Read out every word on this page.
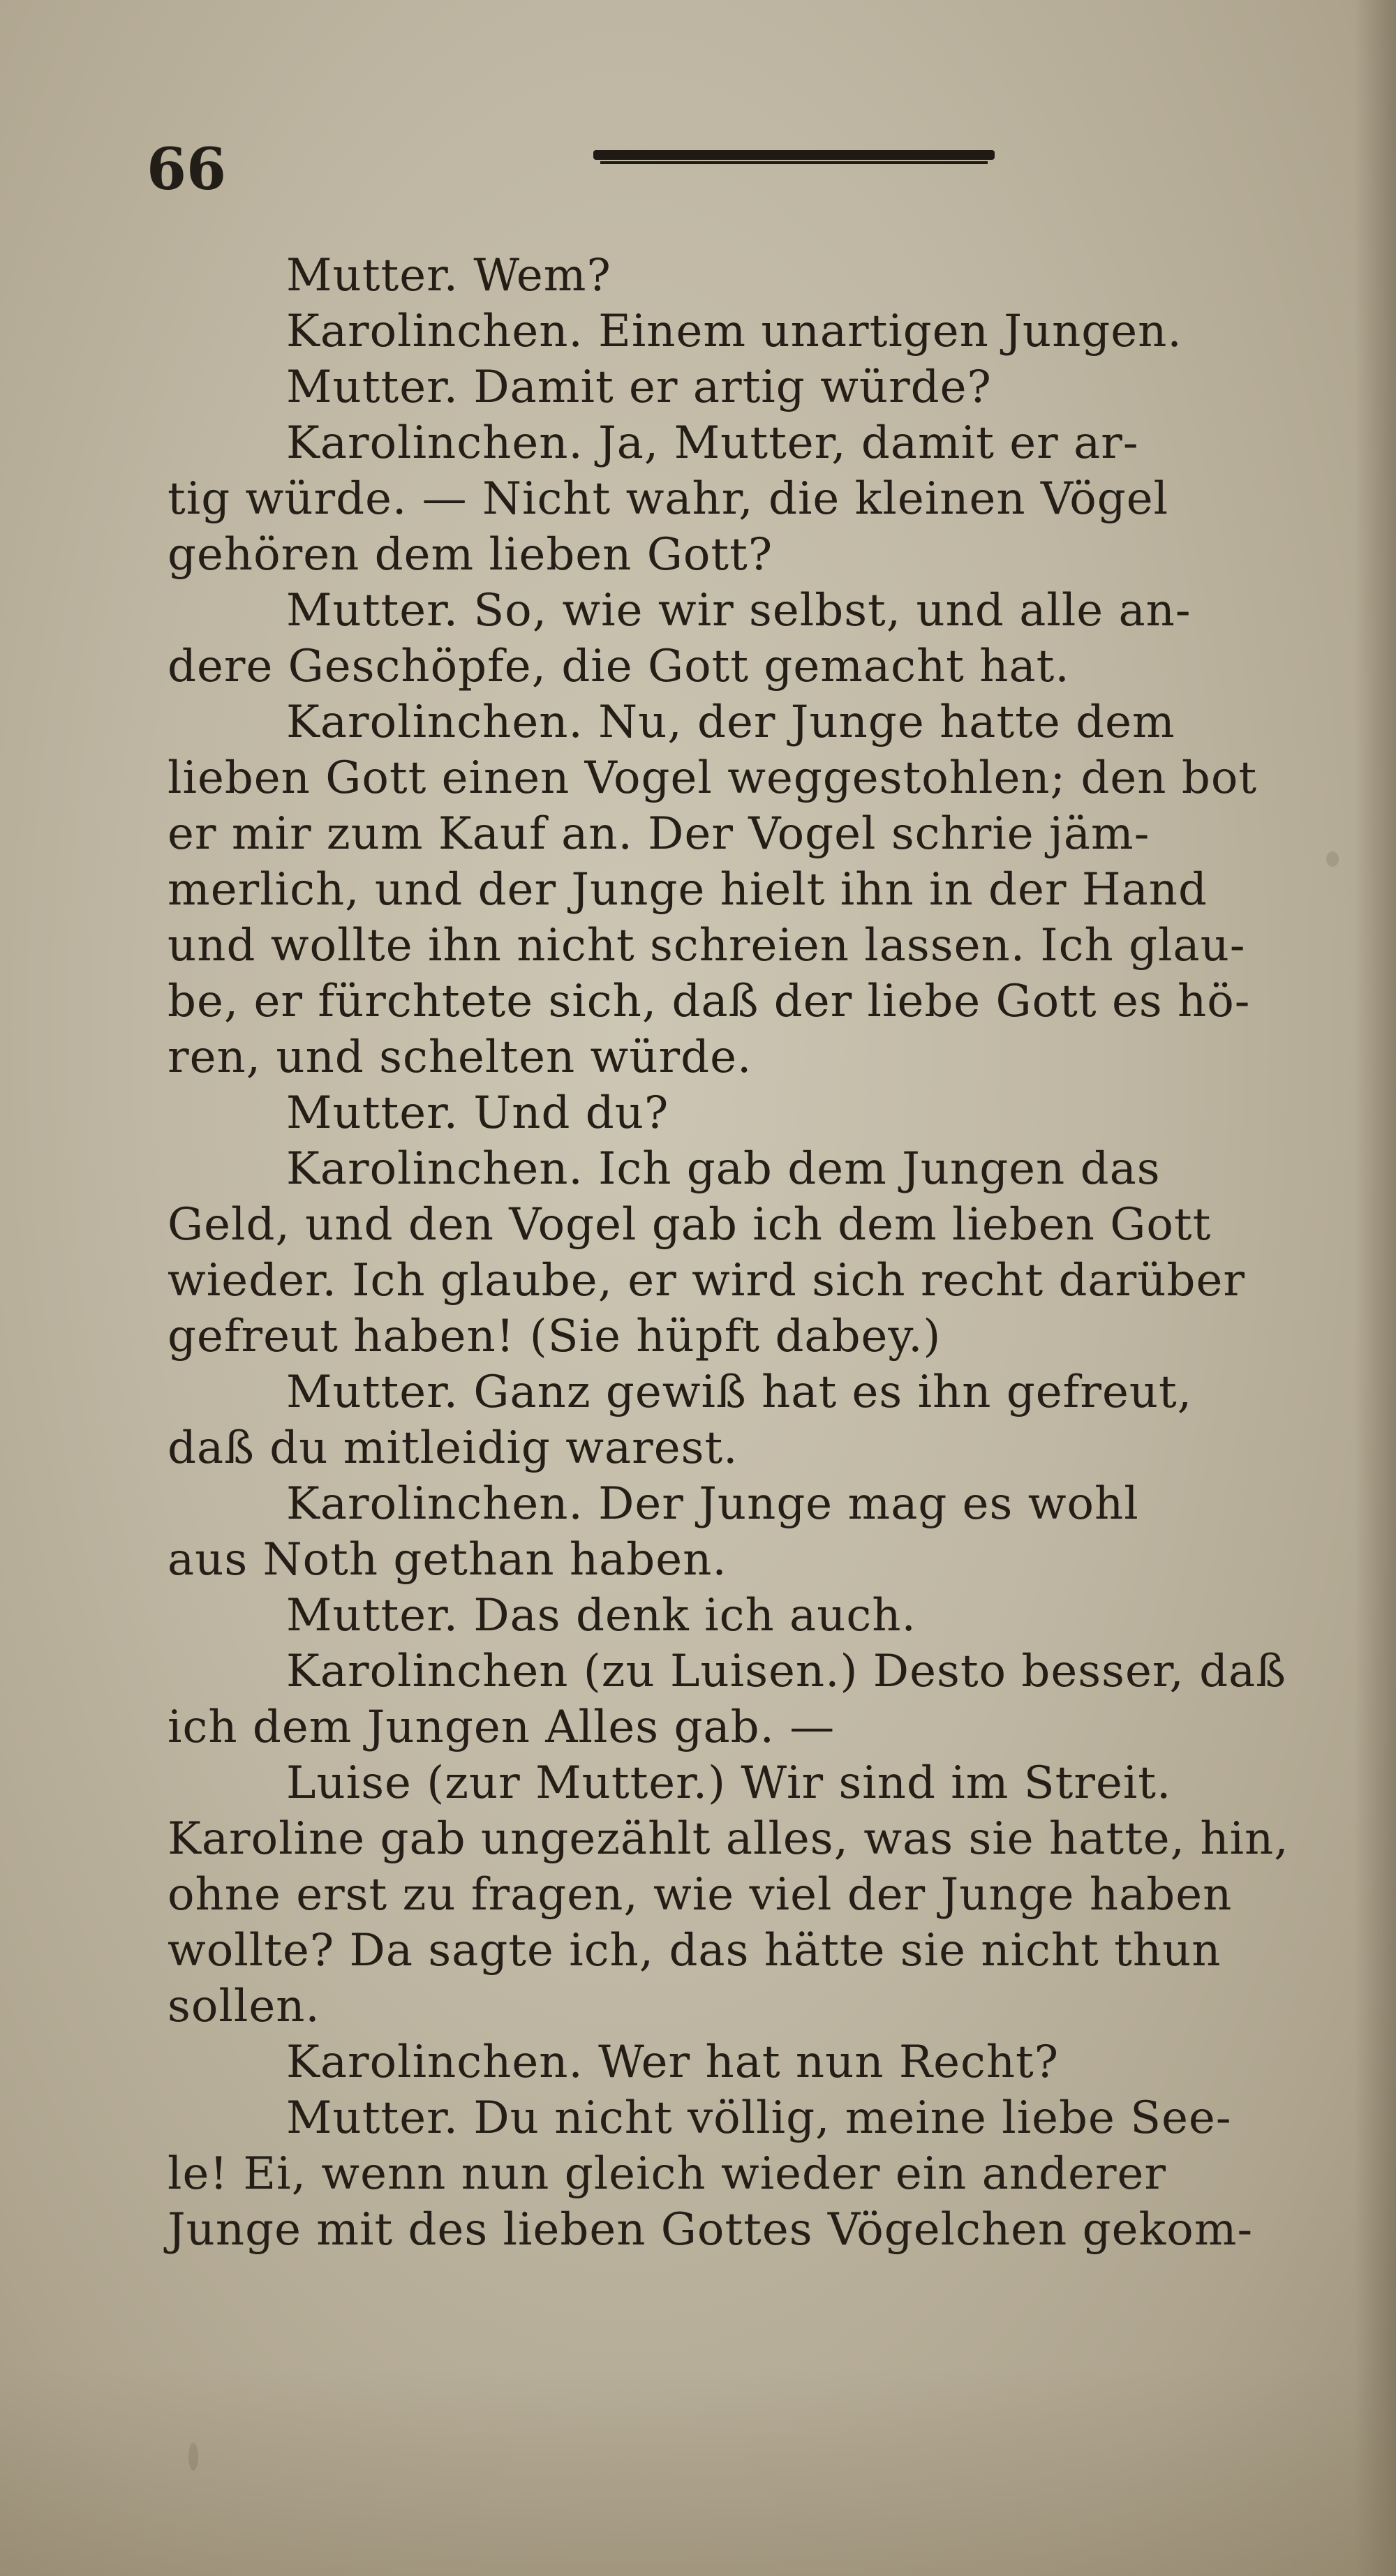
66
Mutter. Wem?
Karolinchen. Einem unartigen Jungen.
Mutter. Damit er artig würde?
Karolinchen. Ja, Mutter, damit er ar-
tig würde. — Nicht wahr, die kleinen Vögel
gehören dem lieben Gott?
Mutter. So, wie wir selbst, und alle an-
dere Geschöpfe, die Gott gemacht hat.
Karolinchen. Nu, der Junge hatte dem
lieben Gott einen Vogel weggestohlen; den bot
er mir zum Kauf an. Der Vogel schrie jäm-
merlich, und der Junge hielt ihn in der Hand
und wollte ihn nicht schreien lassen. Ich glau-
be, er fürchtete sich, daß der liebe Gott es hö-
ren, und schelten würde.
Mutter. Und du?
Karolinchen. Ich gab dem Jungen das
Geld, und den Vogel gab ich dem lieben Gott
wieder. Ich glaube, er wird sich recht darüber
gefreut haben! (Sie hüpft dabey.)
Mutter. Ganz gewiß hat es ihn gefreut,
daß du mitleidig warest.
Karolinchen. Der Junge mag es wohl
aus Noth gethan haben.
Mutter. Das denk ich auch.
Karolinchen (zu Luisen.) Desto besser, daß
ich dem Jungen Alles gab. —
Luise (zur Mutter.) Wir sind im Streit.
Karoline gab ungezählt alles, was sie hatte, hin,
ohne erst zu fragen, wie viel der Junge haben
wollte? Da sagte ich, das hätte sie nicht thun
sollen.
Karolinchen. Wer hat nun Recht?
Mutter. Du nicht völlig, meine liebe See-
le! Ei, wenn nun gleich wieder ein anderer
Junge mit des lieben Gottes Vögelchen gekom-
